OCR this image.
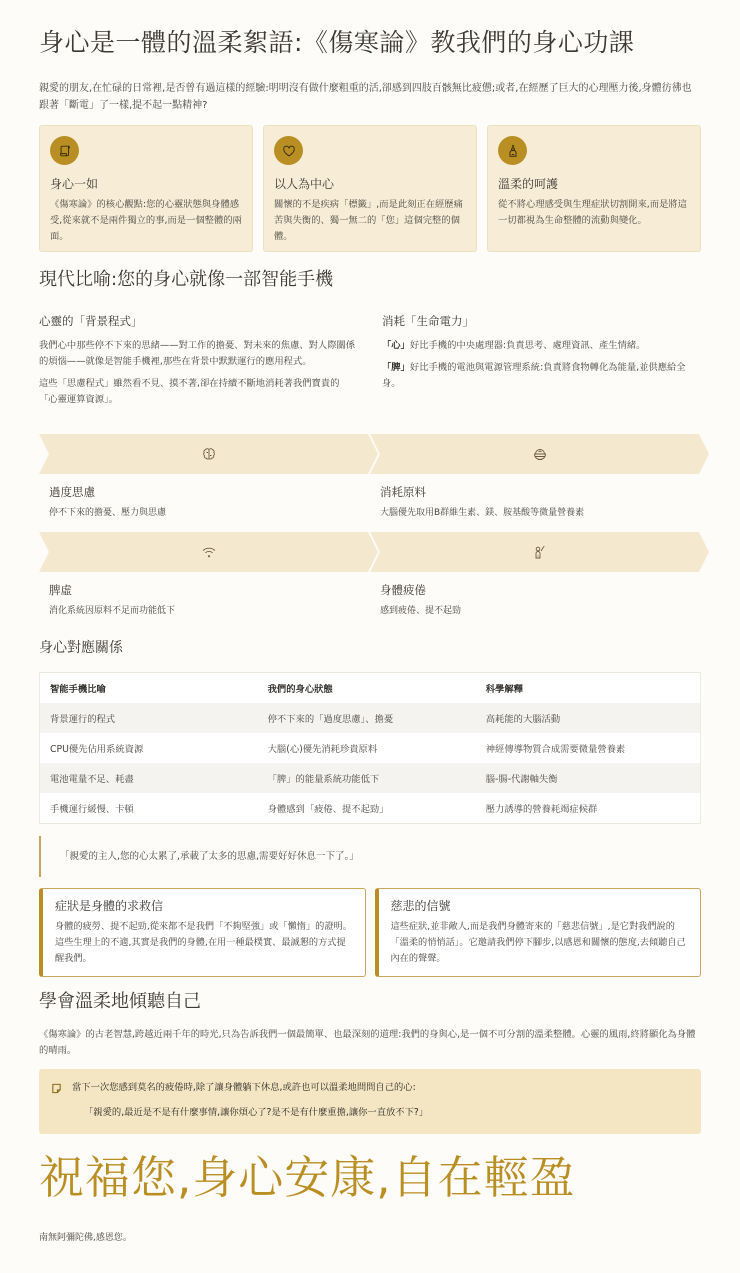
身心是一體的溫柔絮語:《傷寒論》教我們的身心功課

親愛的朋友,在忙碌的日常裡,是否曾有過這樣的經驗:明明沒有做什麼粗重的活,卻感到四肢百骸無比疲憊;或者,在經歷了巨大的心理壓力後,身體彷彿也跟著「斷電」了一樣,提不起一點精神?

身心一如

《傷寒論》的核心觀點:您的心靈狀態與身體感受,從來就不是兩件獨立的事,而是一個整體的兩面。

以人為中心

關懷的不是疾病「標籤」,而是此刻正在經歷痛苦與失衡的、獨一無二的「您」這個完整的個體。

溫柔的呵護

從不將心理感受與生理症狀切割開來,而是將這一切都視為生命整體的流動與變化。

現代比喻:您的身心就像一部智能手機
心靈的「背景程式」

我們心中那些停不下來的思緒——對工作的擔憂、對未來的焦慮、對人際關係的煩惱——就像是智能手機裡,那些在背景中默默運行的應用程式。

這些「思慮程式」雖然看不見、摸不著,卻在持續不斷地消耗著我們寶貴的「心靈運算資源」。

消耗「生命電力」

「心」好比手機的中央處理器:負責思考、處理資訊、產生情緒。

「脾」好比手機的電池與電源管理系統:負責將食物轉化為能量,並供應給全身。

過度思慮

停不下來的擔憂、壓力與思慮

消耗原料

大腦優先取用B群維生素、鎂、胺基酸等微量營養素

脾虛

消化系統因原料不足而功能低下

身體疲倦

感到疲倦、提不起勁

身心對應關係
智能手機比喻	我們的身心狀態	科學解釋
背景運行的程式	停不下來的「過度思慮」、擔憂	高耗能的大腦活動
CPU優先佔用系統資源	大腦(心)優先消耗珍貴原料	神經傳導物質合成需要微量營養素
電池電量不足、耗盡	「脾」的能量系統功能低下	腦-腸-代謝軸失衡
手機運行緩慢、卡頓	身體感到「疲倦、提不起勁」	壓力誘導的營養耗竭症候群
「親愛的主人,您的心太累了,承載了太多的思慮,需要好好休息一下了。」
症狀是身體的求救信

身體的疲勞、提不起勁,從來都不是我們「不夠堅強」或「懶惰」的證明。這些生理上的不適,其實是我們的身體,在用一種最樸實、最誠懇的方式提醒我們。

慈悲的信號

這些症狀,並非敵人,而是我們身體寄來的「慈悲信號」,是它對我們說的「溫柔的悄悄話」。它邀請我們停下腳步,以感恩和關懷的態度,去傾聽自己內在的聲聲。

學會溫柔地傾聽自己

《傷寒論》的古老智慧,跨越近兩千年的時光,只為告訴我們一個最簡單、也最深刻的道理:我們的身與心,是一個不可分割的溫柔整體。心靈的風雨,終將顯化為身體的晴雨。

當下一次您感到莫名的疲倦時,除了讓身體躺下休息,或許也可以溫柔地問問自己的心:
「親愛的,最近是不是有什麼事情,讓你煩心了?是不是有什麼重擔,讓你一直放不下?」
祝福您,身心安康,自在輕盈

南無阿彌陀佛,感恩您。
